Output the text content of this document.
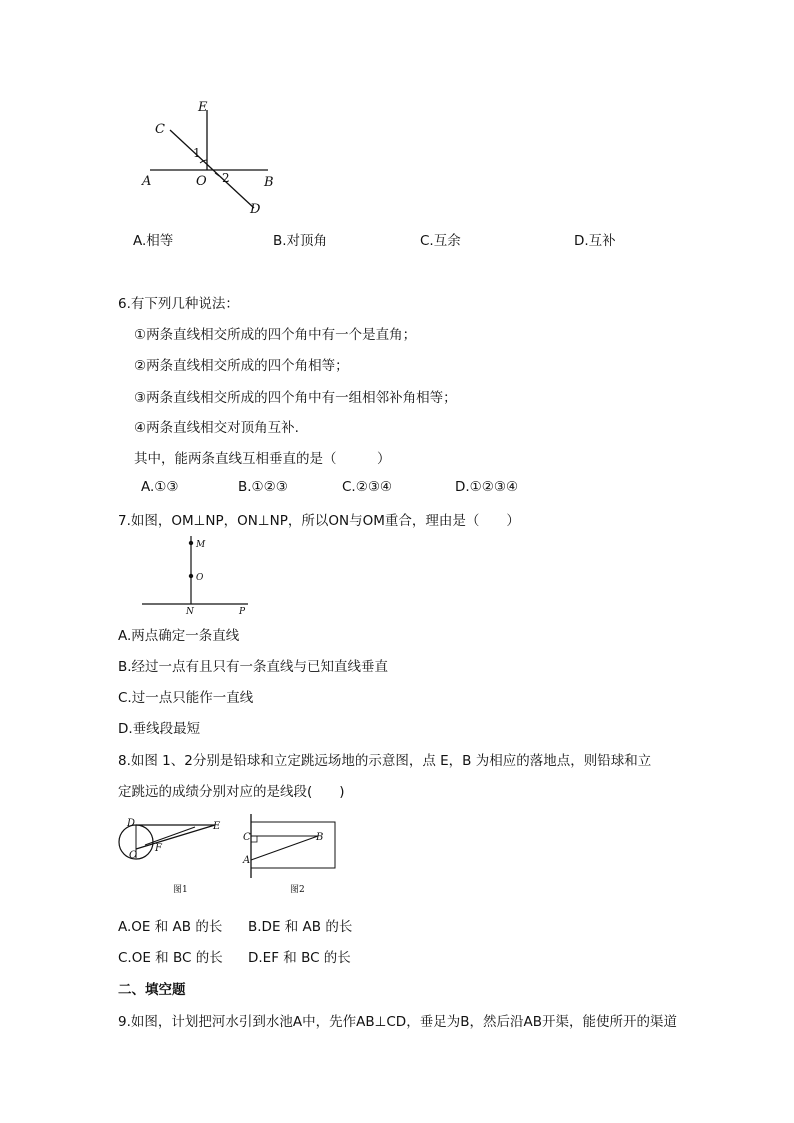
E
C
1
A	O 2	B
D
A.相等	B.对顶角	C.互余	D.互补
6.有下列几种说法：
①两条直线相交所成的四个角中有一个是直角；
②两条直线相交所成的四个角相等；
③两条直线相交所成的四个角中有一组相邻补角相等；
④两条直线相交对顶角互补.
其中，能两条直线互相垂直的是（　　　）
A.①③	B.①②③	C.②③④	D.①②③④
7.如图，OM⊥NP，ON⊥NP，所以ON与OM重合，理由是（　　）
M
O
N	P
A.两点确定一条直线
B.经过一点有且只有一条直线与已知直线垂直
C.过一点只能作一直线
D.垂线段最短
8.如图 1、2分别是铅球和立定跳远场地的示意图，点 E，B 为相应的落地点，则铅球和立
定跳远的成绩分别对应的是线段(　　)
D	E
O
F
图1
C	B
A
图2
A.OE 和 AB 的长 B.DE 和 AB 的长
C.OE 和 BC 的长 D.EF 和 BC 的长
二、填空题
9.如图，计划把河水引到水池A中，先作AB⊥CD，垂足为B，然后沿AB开渠，能使所开的渠道
